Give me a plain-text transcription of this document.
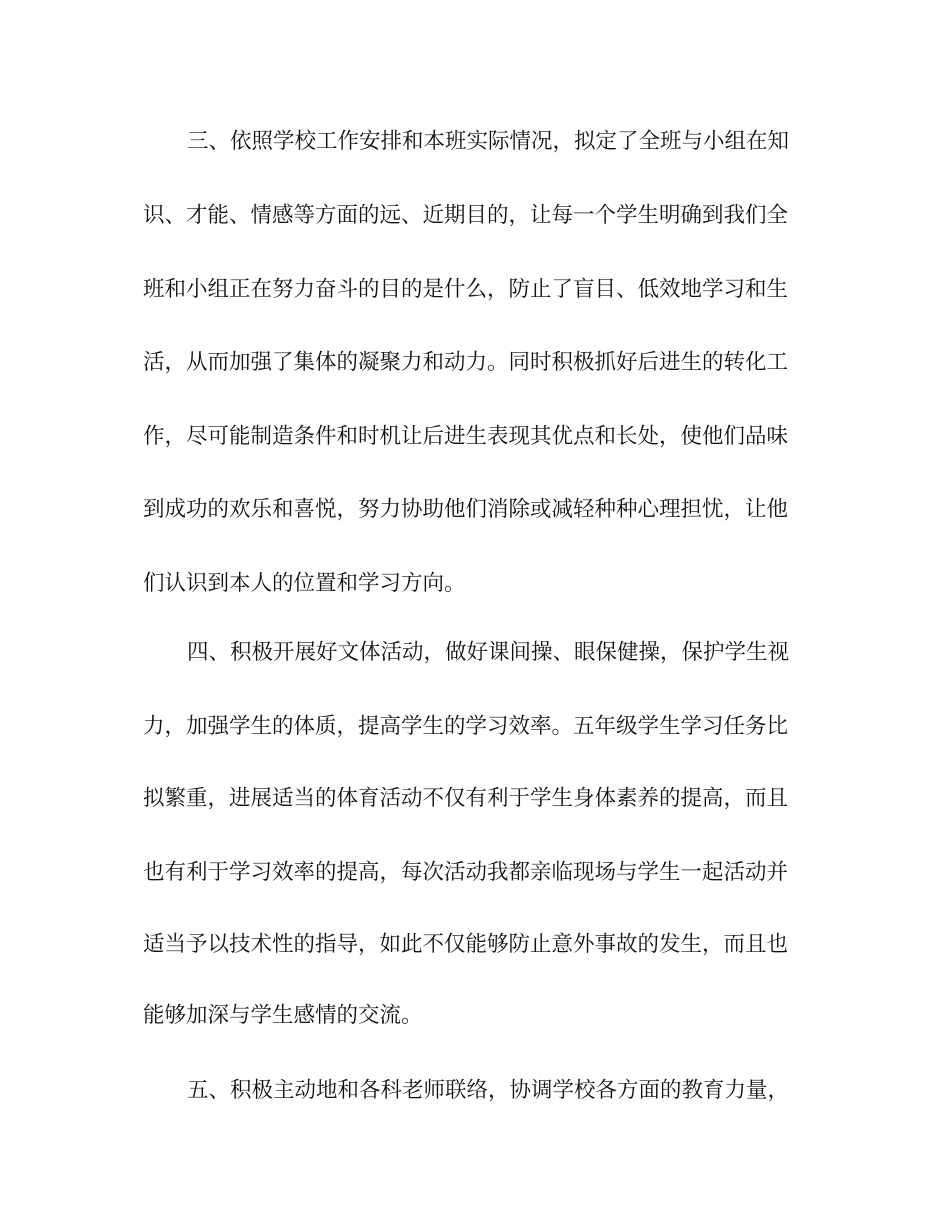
三、依照学校工作安排和本班实际情况，拟定了全班与小组在知
识、才能、情感等方面的远、近期目的，让每一个学生明确到我们全
班和小组正在努力奋斗的目的是什么，防止了盲目、低效地学习和生
活，从而加强了集体的凝聚力和动力。同时积极抓好后进生的转化工
作，尽可能制造条件和时机让后进生表现其优点和长处，使他们品味
到成功的欢乐和喜悦，努力协助他们消除或减轻种种心理担忧，让他
们认识到本人的位置和学习方向。
四、积极开展好文体活动，做好课间操、眼保健操，保护学生视
力，加强学生的体质，提高学生的学习效率。五年级学生学习任务比
拟繁重，进展适当的体育活动不仅有利于学生身体素养的提高，而且
也有利于学习效率的提高，每次活动我都亲临现场与学生一起活动并
适当予以技术性的指导，如此不仅能够防止意外事故的发生，而且也
能够加深与学生感情的交流。
五、积极主动地和各科老师联络，协调学校各方面的教育力量，
